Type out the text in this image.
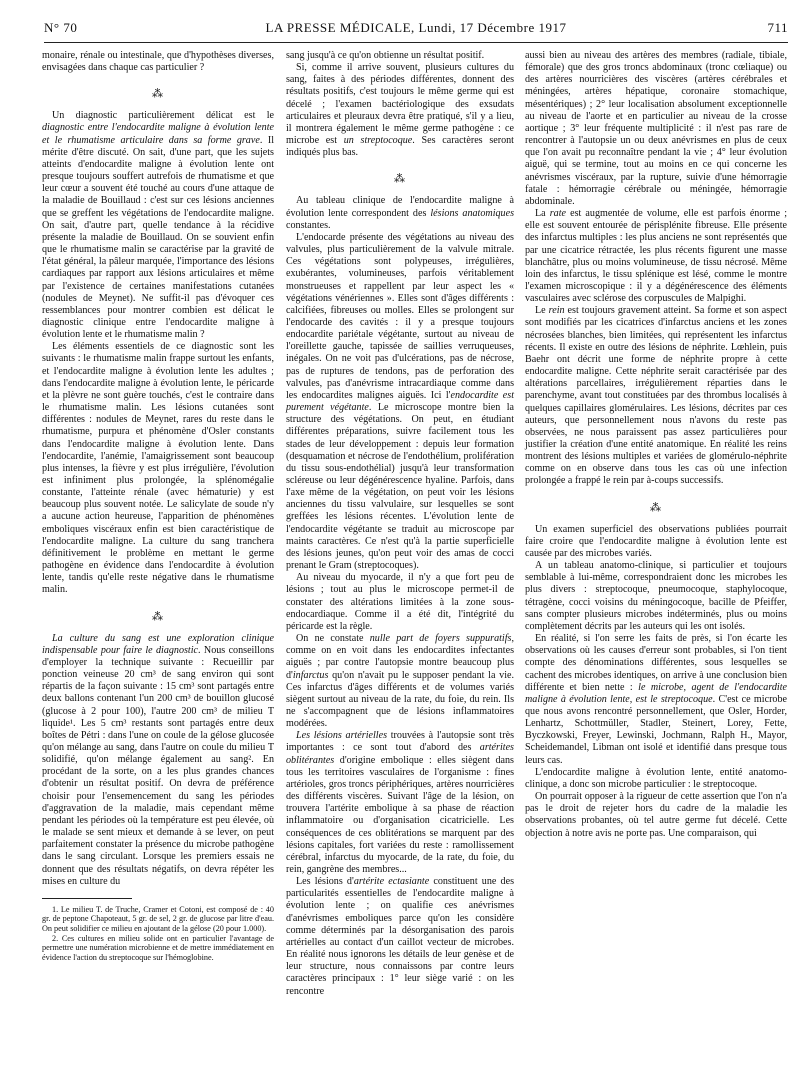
N° 70	LA PRESSE MÉDICALE, Lundi, 17 Décembre 1917	711

monaire, rénale ou intestinale, que d'hypothèses diverses, envisagées dans chaque cas particulier ?

⁂

Un diagnostic particulièrement délicat est le diagnostic entre l'endocardite maligne à évolution lente et le rhumatisme articulaire dans sa forme grave. Il mérite d'être discuté. On sait, d'une part, que les sujets atteints d'endocardite maligne à évolution lente ont presque toujours souffert autrefois de rhumatisme et que leur cœur a souvent été touché au cours d'une attaque de la maladie de Bouillaud : c'est sur ces lésions anciennes que se greffent les végétations de l'endocardite maligne. On sait, d'autre part, quelle tendance à la récidive présente la maladie de Bouillaud. On se souvient enfin que le rhumatisme malin se caractérise par la gravité de l'état général, la pâleur marquée, l'importance des lésions cardiaques par rapport aux lésions articulaires et même par l'existence de certaines manifestations cutanées (nodules de Meynet). Ne suffit-il pas d'évoquer ces ressemblances pour montrer combien est délicat le diagnostic clinique entre l'endocardite maligne à évolution lente et le rhumatisme malin ?

Les éléments essentiels de ce diagnostic sont les suivants : le rhumatisme malin frappe surtout les enfants, et l'endocardite maligne à évolution lente les adultes ; dans l'endocardite maligne à évolution lente, le péricarde et la plèvre ne sont guère touchés, c'est le contraire dans le rhumatisme malin. Les lésions cutanées sont différentes : nodules de Meynet, rares du reste dans le rhumatisme, purpura et phénomène d'Osler constants dans l'endocardite maligne à évolution lente. Dans l'endocardite, l'anémie, l'amaigrissement sont beaucoup plus intenses, la fièvre y est plus irrégulière, l'évolution est infiniment plus prolongée, la splénomégalie constante, l'atteinte rénale (avec hématurie) y est beaucoup plus souvent notée. Le salicylate de soude n'y a aucune action heureuse, l'apparition de phénomènes emboliques viscéraux enfin est bien caractéristique de l'endocardite maligne. La culture du sang tranchera définitivement le problème en mettant le germe pathogène en évidence dans l'endocardite à évolution lente, tandis qu'elle reste négative dans le rhumatisme malin.

⁂

La culture du sang est une exploration clinique indispensable pour faire le diagnostic. Nous conseillons d'employer la technique suivante : Recueillir par ponction veineuse 20 cm³ de sang environ qui sont répartis de la façon suivante : 15 cm³ sont partagés entre deux ballons contenant l'un 200 cm³ de bouillon glucosé (glucose à 2 pour 100), l'autre 200 cm³ de milieu T liquide¹. Les 5 cm³ restants sont partagés entre deux boîtes de Pétri : dans l'une on coule de la gélose glucosée qu'on mélange au sang, dans l'autre on coule du milieu T solidifié, qu'on mélange également au sang². En procédant de la sorte, on a les plus grandes chances d'obtenir un résultat positif. On devra de préférence choisir pour l'ensemencement du sang les périodes d'aggravation de la maladie, mais cependant même pendant les périodes où la température est peu élevée, où le malade se sent mieux et demande à se lever, on peut parfaitement constater la présence du microbe pathogène dans le sang circulant. Lorsque les premiers essais ne donnent que des résultats négatifs, on devra répéter les mises en culture du

1. Le milieu T. de Truche, Cramer et Cotoni, est composé de : 40 gr. de peptone Chapoteaut, 5 gr. de sel, 2 gr. de glucose par litre d'eau. On peut solidifier ce milieu en ajoutant de la gélose (20 pour 1.000).

2. Ces cultures en milieu solide ont en particulier l'avantage de permettre une numération microbienne et de mettre immédiatement en évidence l'action du streptocoque sur l'hémoglobine.

sang jusqu'à ce qu'on obtienne un résultat positif.

Si, comme il arrive souvent, plusieurs cultures du sang, faites à des périodes différentes, donnent des résultats positifs, c'est toujours le même germe qui est décelé ; l'examen bactériologique des exsudats articulaires et pleuraux devra être pratiqué, s'il y a lieu, il montrera également le même germe pathogène : ce microbe est un streptocoque. Ses caractères seront indiqués plus bas.

⁂

Au tableau clinique de l'endocardite maligne à évolution lente correspondent des lésions anatomiques constantes.

L'endocarde présente des végétations au niveau des valvules, plus particulièrement de la valvule mitrale. Ces végétations sont polypeuses, irrégulières, exubérantes, volumineuses, parfois véritablement monstrueuses et rappellent par leur aspect les « végétations vénériennes ». Elles sont d'âges différents : calcifiées, fibreuses ou molles. Elles se prolongent sur l'endocarde des cavités : il y a presque toujours endocardite pariétale végétante, surtout au niveau de l'oreillette gauche, tapissée de saillies verruqueuses, inégales. On ne voit pas d'ulcérations, pas de nécrose, pas de ruptures de tendons, pas de perforation des valvules, pas d'anévrisme intracardiaque comme dans les endocardites malignes aiguës. Ici l'endocardite est purement végétante. Le microscope montre bien la structure des végétations. On peut, en étudiant différentes préparations, suivre facilement tous les stades de leur développement : depuis leur formation (desquamation et nécrose de l'endothélium, prolifération du tissu sous-endothélial) jusqu'à leur transformation scléreuse ou leur dégénérescence hyaline. Parfois, dans l'axe même de la végétation, on peut voir les lésions anciennes du tissu valvulaire, sur lesquelles se sont greffées les lésions récentes. L'évolution lente de l'endocardite végétante se traduit au microscope par maints caractères. Ce n'est qu'à la partie superficielle des lésions jeunes, qu'on peut voir des amas de cocci prenant le Gram (streptocoques).

Au niveau du myocarde, il n'y a que fort peu de lésions ; tout au plus le microscope permet-il de constater des altérations limitées à la zone sous-endocardiaque. Comme il a été dit, l'intégrité du péricarde est la règle.

On ne constate nulle part de foyers suppuratifs, comme on en voit dans les endocardites infectantes aiguës ; par contre l'autopsie montre beaucoup plus d'infarctus qu'on n'avait pu le supposer pendant la vie. Ces infarctus d'âges différents et de volumes variés siègent surtout au niveau de la rate, du foie, du rein. Ils ne s'accompagnent que de lésions inflammatoires modérées.

Les lésions artérielles trouvées à l'autopsie sont très importantes : ce sont tout d'abord des artérites oblitérantes d'origine embolique : elles siègent dans tous les territoires vasculaires de l'organisme : fines artérioles, gros troncs périphériques, artères nourricières des différents viscères. Suivant l'âge de la lésion, on trouvera l'artérite embolique à sa phase de réaction inflammatoire ou d'organisation cicatricielle. Les conséquences de ces oblitérations se marquent par des lésions capitales, fort variées du reste : ramollissement cérébral, infarctus du myocarde, de la rate, du foie, du rein, gangrène des membres...

Les lésions d'artérite ectasiante constituent une des particularités essentielles de l'endocardite maligne à évolution lente ; on qualifie ces anévrismes d'anévrismes emboliques parce qu'on les considère comme déterminés par la désorganisation des parois artérielles au contact d'un caillot vecteur de microbes. En réalité nous ignorons les détails de leur genèse et de leur structure, nous connaissons par contre leurs caractères principaux : 1° leur siège varié : on les rencontre

aussi bien au niveau des artères des membres (radiale, tibiale, fémorale) que des gros troncs abdominaux (tronc cœliaque) ou des artères nourricières des viscères (artères cérébrales et méningées, artères hépatique, coronaire stomachique, mésentériques) ; 2° leur localisation absolument exceptionnelle au niveau de l'aorte et en particulier au niveau de la crosse aortique ; 3° leur fréquente multiplicité : il n'est pas rare de rencontrer à l'autopsie un ou deux anévrismes en plus de ceux que l'on avait pu reconnaître pendant la vie ; 4° leur évolution aiguë, qui se termine, tout au moins en ce qui concerne les anévrismes viscéraux, par la rupture, suivie d'une hémorragie fatale : hémorragie cérébrale ou méningée, hémorragie abdominale.

La rate est augmentée de volume, elle est parfois énorme ; elle est souvent entourée de périsplénite fibreuse. Elle présente des infarctus multiples : les plus anciens ne sont représentés que par une cicatrice rétractée, les plus récents figurent une masse blanchâtre, plus ou moins volumineuse, de tissu nécrosé. Même loin des infarctus, le tissu splénique est lésé, comme le montre l'examen microscopique : il y a dégénérescence des éléments vasculaires avec sclérose des corpuscules de Malpighi.

Le rein est toujours gravement atteint. Sa forme et son aspect sont modifiés par les cicatrices d'infarctus anciens et les zones nécrosées blanches, bien limitées, qui représentent les infarctus récents. Il existe en outre des lésions de néphrite. Lœhlein, puis Baehr ont décrit une forme de néphrite propre à cette endocardite maligne. Cette néphrite serait caractérisée par des altérations parcellaires, irrégulièrement réparties dans le parenchyme, avant tout constituées par des thrombus localisés à quelques capillaires glomérulaires. Les lésions, décrites par ces auteurs, que personnellement nous n'avons du reste pas observées, ne nous paraissent pas assez particulières pour justifier la création d'une entité anatomique. En réalité les reins montrent des lésions multiples et variées de glomérulo-néphrite comme on en observe dans tous les cas où une infection prolongée a frappé le rein par à-coups successifs.

⁂

Un examen superficiel des observations publiées pourrait faire croire que l'endocardite maligne à évolution lente est causée par des microbes variés.

A un tableau anatomo-clinique, si particulier et toujours semblable à lui-même, correspondraient donc les microbes les plus divers : streptocoque, pneumocoque, staphylocoque, tétragène, cocci voisins du méningocoque, bacille de Pfeiffer, sans compter plusieurs microbes indéterminés, plus ou moins complètement décrits par les auteurs qui les ont isolés.

En réalité, si l'on serre les faits de près, si l'on écarte les observations où les causes d'erreur sont probables, si l'on tient compte des dénominations différentes, sous lesquelles se cachent des microbes identiques, on arrive à une conclusion bien différente et bien nette : le microbe, agent de l'endocardite maligne à évolution lente, est le streptocoque. C'est ce microbe que nous avons rencontré personnellement, que Osler, Horder, Lenhartz, Schottmüller, Stadler, Steinert, Lorey, Fette, Byczkowski, Freyer, Lewinski, Jochmann, Ralph H., Mayor, Scheidemandel, Libman ont isolé et identifié dans presque tous leurs cas.

L'endocardite maligne à évolution lente, entité anatomo-clinique, a donc son microbe particulier : le streptocoque.

On pourrait opposer à la rigueur de cette assertion que l'on n'a pas le droit de rejeter hors du cadre de la maladie les observations probantes, où tel autre germe fut décelé. Cette objection à notre avis ne porte pas. Une comparaison, qui
